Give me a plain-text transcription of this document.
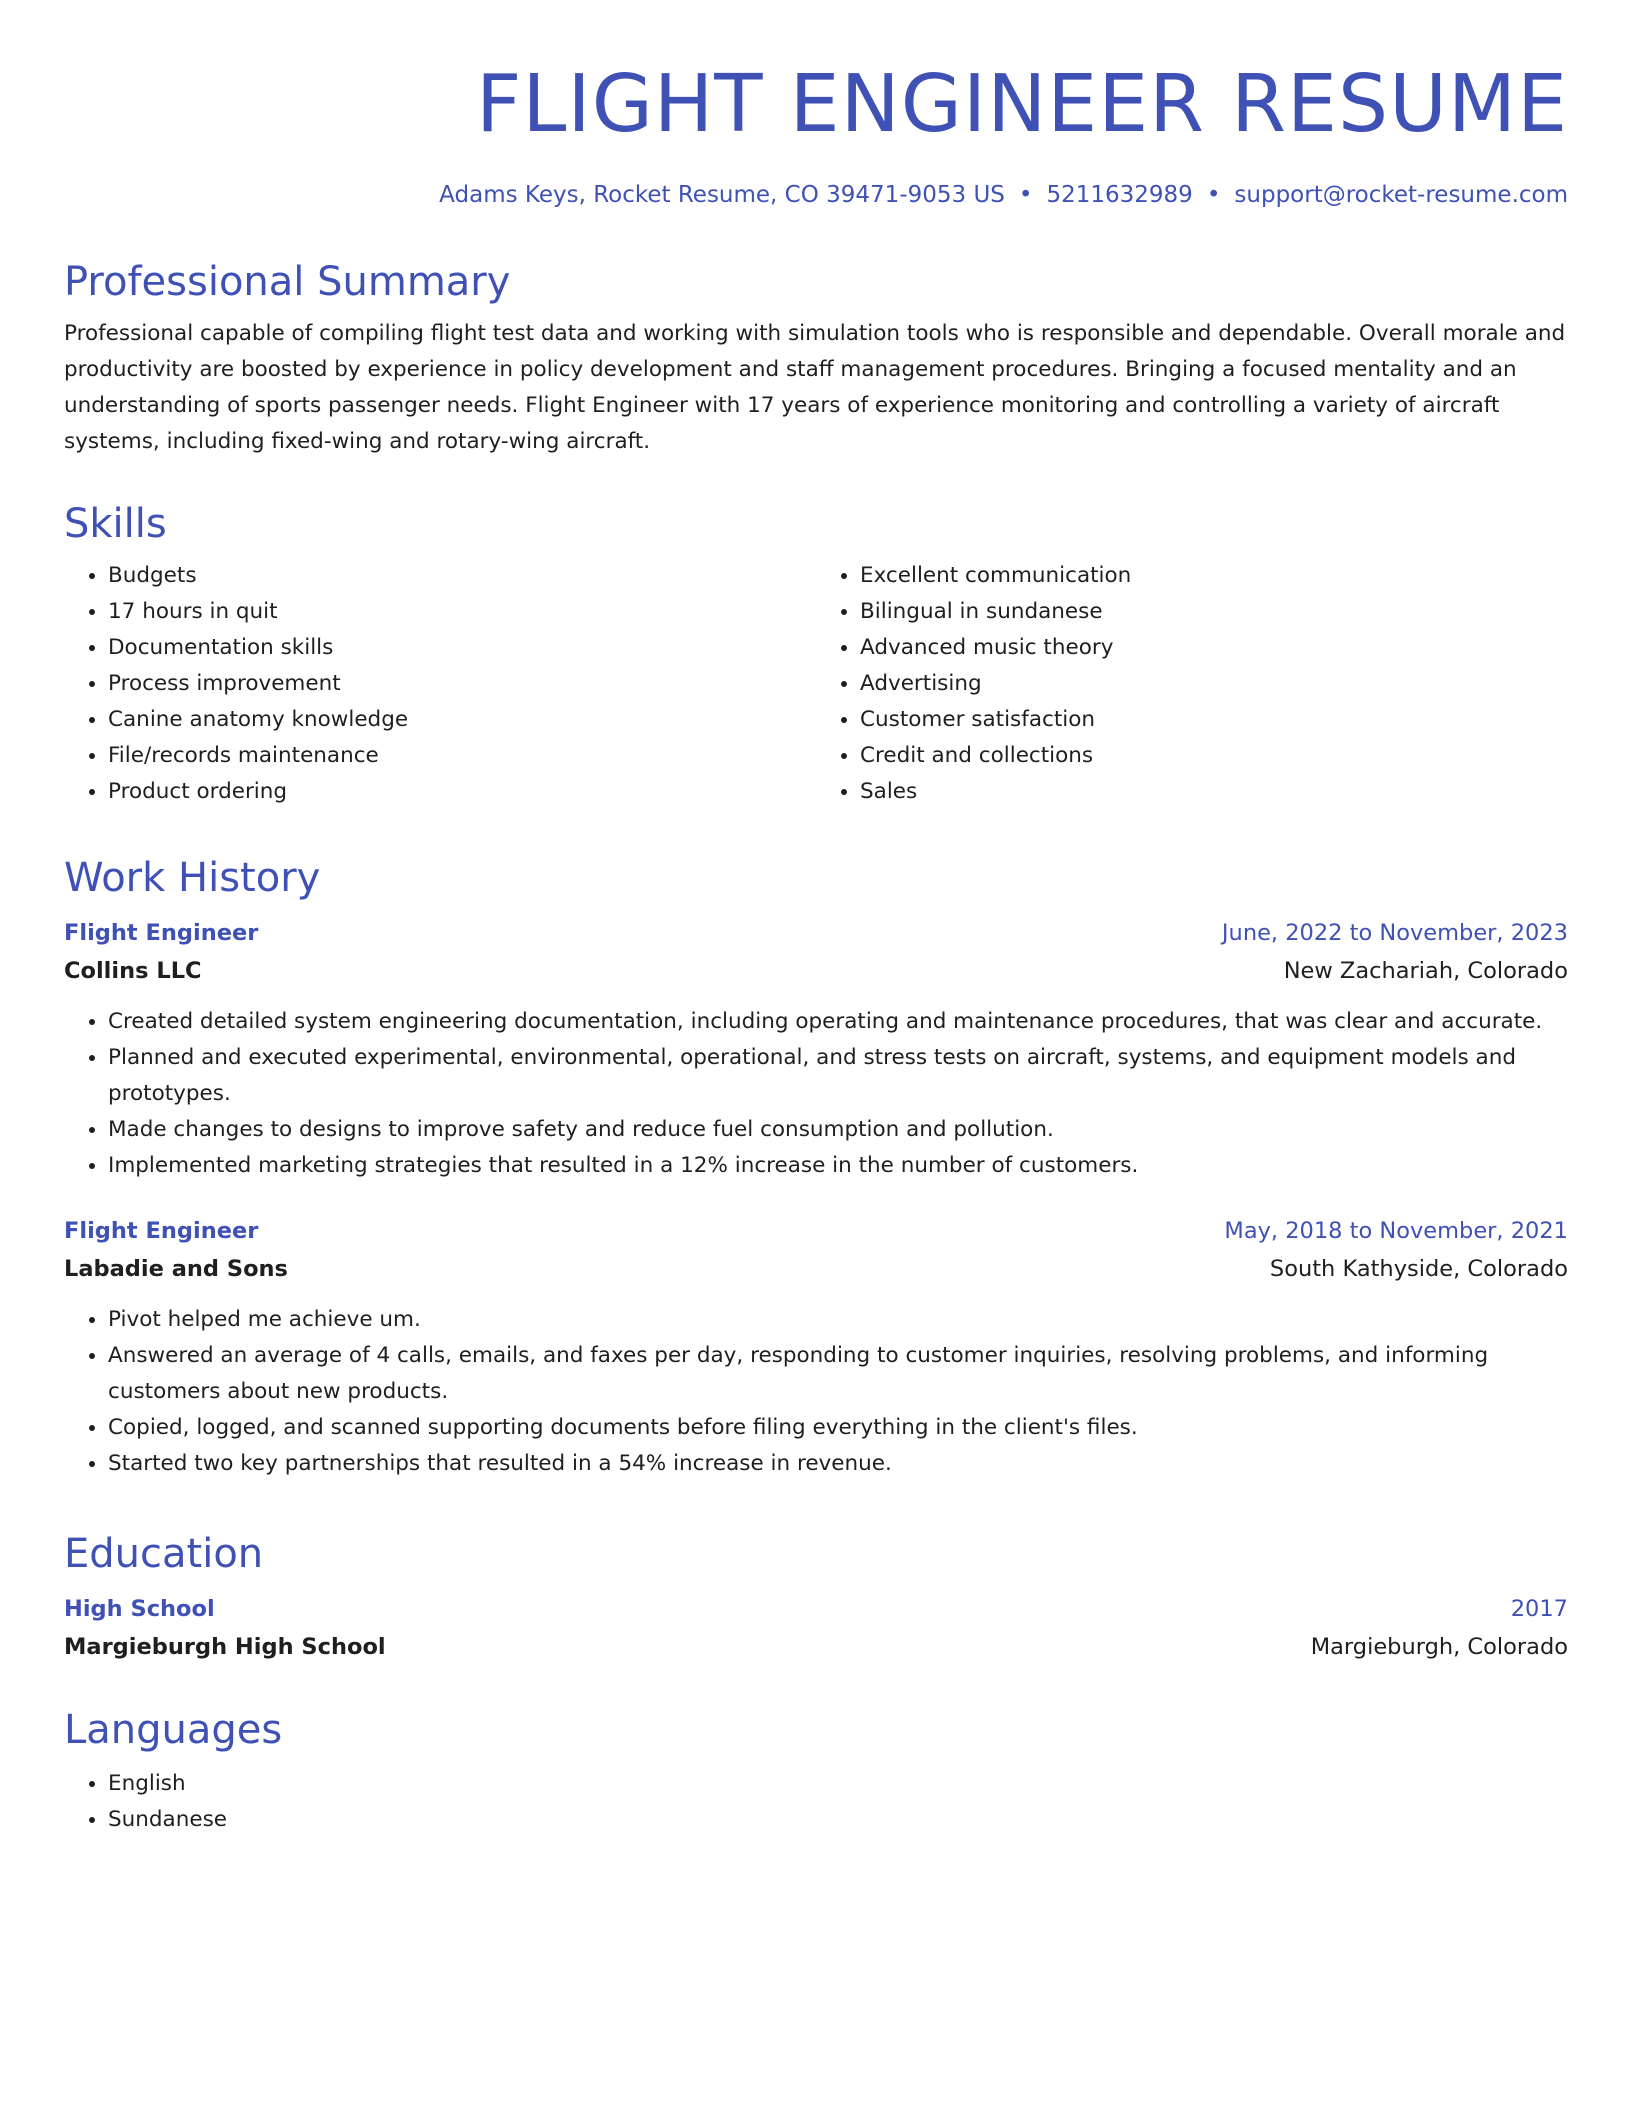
FLIGHT ENGINEER RESUME
Adams Keys, Rocket Resume, CO 39471-9053 US • 5211632989 • support@rocket-resume.com
Professional Summary

Professional capable of compiling flight test data and working with simulation tools who is responsible and dependable. Overall morale and productivity are boosted by experience in policy development and staff management procedures. Bringing a focused mentality and an understanding of sports passenger needs. Flight Engineer with 17 years of experience monitoring and controlling a variety of aircraft systems, including fixed-wing and rotary-wing aircraft.

Skills
• Budgets
• 17 hours in quit
• Documentation skills
• Process improvement
• Canine anatomy knowledge
• File/records maintenance
• Product ordering
• Excellent communication
• Bilingual in sundanese
• Advanced music theory
• Advertising
• Customer satisfaction
• Credit and collections
• Sales
Work History
Flight Engineer	June, 2022 to November, 2023
Collins LLC	New Zachariah, Colorado
• Created detailed system engineering documentation, including operating and maintenance procedures, that was clear and accurate.
• Planned and executed experimental, environmental, operational, and stress tests on aircraft, systems, and equipment models and prototypes.
• Made changes to designs to improve safety and reduce fuel consumption and pollution.
• Implemented marketing strategies that resulted in a 12% increase in the number of customers.
Flight Engineer	May, 2018 to November, 2021
Labadie and Sons	South Kathyside, Colorado
• Pivot helped me achieve um.
• Answered an average of 4 calls, emails, and faxes per day, responding to customer inquiries, resolving problems, and informing customers about new products.
• Copied, logged, and scanned supporting documents before filing everything in the client's files.
• Started two key partnerships that resulted in a 54% increase in revenue.
Education
High School	2017
Margieburgh High School	Margieburgh, Colorado
Languages
• English
• Sundanese
